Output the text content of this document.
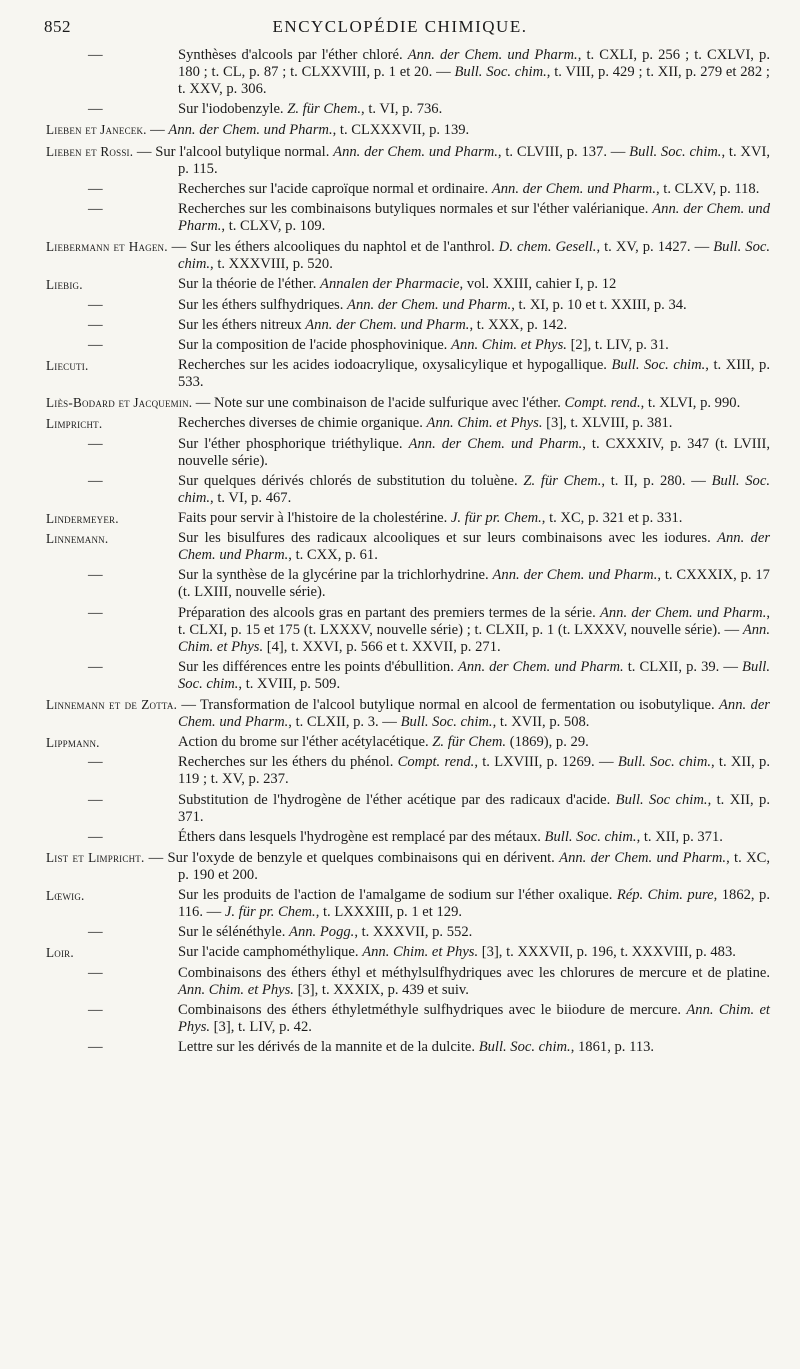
852	ENCYCLOPÉDIE CHIMIQUE.
—	Synthèses d'alcools par l'éther chloré. Ann. der Chem. und Pharm., t. CXLI, p. 256 ; t. CXLVI, p. 180 ; t. CL, p. 87 ; t. CLXXVIII, p. 1 et 20. — Bull. Soc. chim., t. VIII, p. 429 ; t. XII, p. 279 et 282 ; t. XXV, p. 306.
—	Sur l'iodobenzyle. Z. für Chem., t. VI, p. 736.
Lieben et Janecek. — Ann. der Chem. und Pharm., t. CLXXXVII, p. 139.
Lieben et Rossi. — Sur l'alcool butylique normal. Ann. der Chem. und Pharm., t. CLVIII, p. 137. — Bull. Soc. chim., t. XVI, p. 115.
—	Recherches sur l'acide caproïque normal et ordinaire. Ann. der Chem. und Pharm., t. CLXV, p. 118.
—	Recherches sur les combinaisons butyliques normales et sur l'éther valérianique. Ann. der Chem. und Pharm., t. CLXV, p. 109.
Liebermann et Hagen. — Sur les éthers alcooliques du naphtol et de l'anthrol. D. chem. Gesell., t. XV, p. 1427. — Bull. Soc. chim., t. XXXVIII, p. 520.
Liebig.	Sur la théorie de l'éther. Annalen der Pharmacie, vol. XXIII, cahier I, p. 12
—	Sur les éthers sulfhydriques. Ann. der Chem. und Pharm., t. XI, p. 10 et t. XXIII, p. 34.
—	Sur les éthers nitreux Ann. der Chem. und Pharm., t. XXX, p. 142.
—	Sur la composition de l'acide phosphovinique. Ann. Chim. et Phys. [2], t. LIV, p. 31.
Liecuti.	Recherches sur les acides iodoacrylique, oxysalicylique et hypogallique. Bull. Soc. chim., t. XIII, p. 533.
Liès-Bodard et Jacquemin. — Note sur une combinaison de l'acide sulfurique avec l'éther. Compt. rend., t. XLVI, p. 990.
Limpricht.	Recherches diverses de chimie organique. Ann. Chim. et Phys. [3], t. XLVIII, p. 381.
—	Sur l'éther phosphorique triéthylique. Ann. der Chem. und Pharm., t. CXXXIV, p. 347 (t. LVIII, nouvelle série).
—	Sur quelques dérivés chlorés de substitution du toluène. Z. für Chem., t. II, p. 280. — Bull. Soc. chim., t. VI, p. 467.
Lindermeyer.	Faits pour servir à l'histoire de la cholestérine. J. für pr. Chem., t. XC, p. 321 et p. 331.
Linnemann.	Sur les bisulfures des radicaux alcooliques et sur leurs combinaisons avec les iodures. Ann. der Chem. und Pharm., t. CXX, p. 61.
—	Sur la synthèse de la glycérine par la trichlorhydrine. Ann. der Chem. und Pharm., t. CXXXIX, p. 17 (t. LXIII, nouvelle série).
—	Préparation des alcools gras en partant des premiers termes de la série. Ann. der Chem. und Pharm., t. CLXI, p. 15 et 175 (t. LXXXV, nouvelle série) ; t. CLXII, p. 1 (t. LXXXV, nouvelle série). — Ann. Chim. et Phys. [4], t. XXVI, p. 566 et t. XXVII, p. 271.
—	Sur les différences entre les points d'ébullition. Ann. der Chem. und Pharm. t. CLXII, p. 39. — Bull. Soc. chim., t. XVIII, p. 509.
Linnemann et de Zotta. — Transformation de l'alcool butylique normal en alcool de fermentation ou isobutylique. Ann. der Chem. und Pharm., t. CLXII, p. 3. — Bull. Soc. chim., t. XVII, p. 508.
Lippmann.	Action du brome sur l'éther acétylacétique. Z. für Chem. (1869), p. 29.
—	Recherches sur les éthers du phénol. Compt. rend., t. LXVIII, p. 1269. — Bull. Soc. chim., t. XII, p. 119 ; t. XV, p. 237.
—	Substitution de l'hydrogène de l'éther acétique par des radicaux d'acide. Bull. Soc chim., t. XII, p. 371.
—	Éthers dans lesquels l'hydrogène est remplacé par des métaux. Bull. Soc. chim., t. XII, p. 371.
List et Limpricht. — Sur l'oxyde de benzyle et quelques combinaisons qui en dérivent. Ann. der Chem. und Pharm., t. XC, p. 190 et 200.
Lœwig.	Sur les produits de l'action de l'amalgame de sodium sur l'éther oxalique. Rép. Chim. pure, 1862, p. 116. — J. für pr. Chem., t. LXXXIII, p. 1 et 129.
—	Sur le sélénéthyle. Ann. Pogg., t. XXXVII, p. 552.
Loir.	Sur l'acide camphométhylique. Ann. Chim. et Phys. [3], t. XXXVII, p. 196, t. XXXVIII, p. 483.
—	Combinaisons des éthers éthyl et méthylsulfhydriques avec les chlorures de mercure et de platine. Ann. Chim. et Phys. [3], t. XXXIX, p. 439 et suiv.
—	Combinaisons des éthers éthyletméthyle sulfhydriques avec le biiodure de mercure. Ann. Chim. et Phys. [3], t. LIV, p. 42.
—	Lettre sur les dérivés de la mannite et de la dulcite. Bull. Soc. chim., 1861, p. 113.
